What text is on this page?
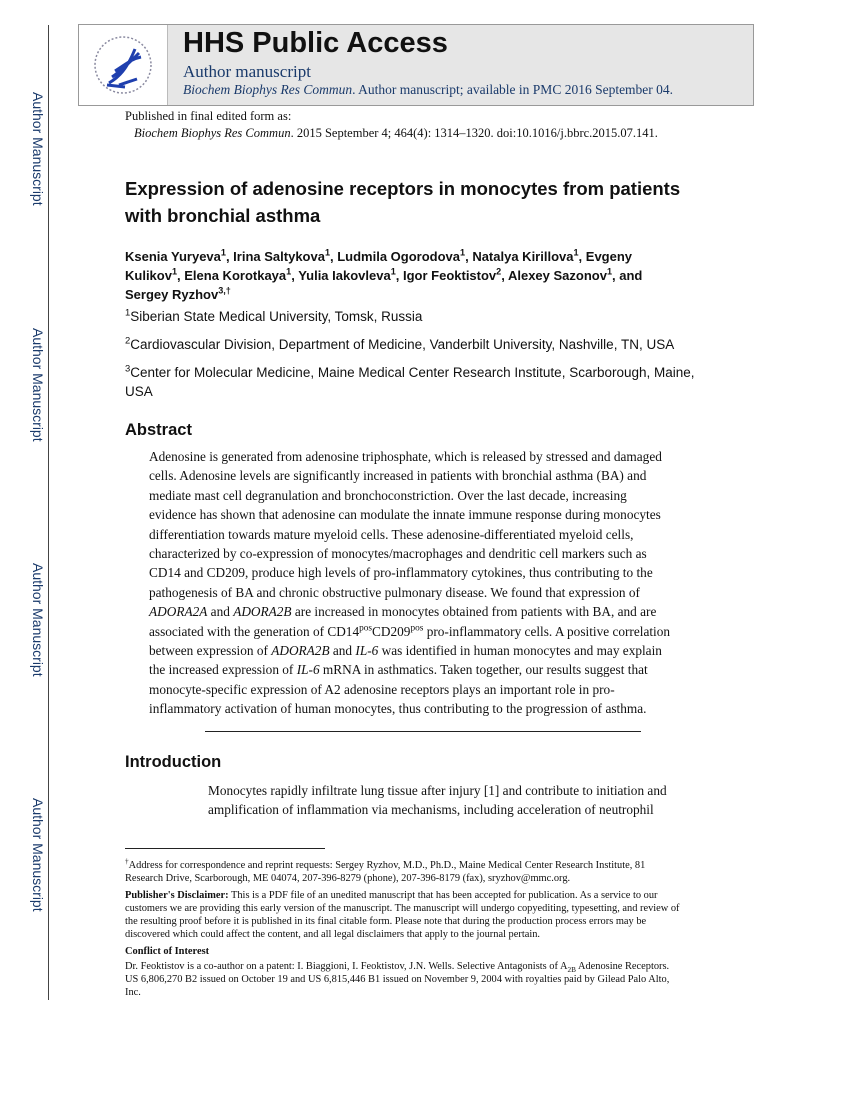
Author Manuscript
Author Manuscript
Author Manuscript
Author Manuscript
HHS Public Access
Author manuscript
Biochem Biophys Res Commun. Author manuscript; available in PMC 2016 September 04.
Published in final edited form as:
Biochem Biophys Res Commun. 2015 September 4; 464(4): 1314–1320. doi:10.1016/j.bbrc.2015.07.141.
Expression of adenosine receptors in monocytes from patients
with bronchial asthma
Ksenia Yuryeva$^1$, Irina Saltykova$^1$, Ludmila Ogorodova$^1$, Natalya Kirillova$^1$, Evgeny
Kulikov$^1$, Elena Korotkaya$^1$, Yulia Iakovleva$^1$, Igor Feoktistov$^2$, Alexey Sazonov$^1$, and
Sergey Ryzhov$^{3,\dagger}$
$^1$Siberian State Medical University, Tomsk, Russia
$^2$Cardiovascular Division, Department of Medicine, Vanderbilt University, Nashville, TN, USA
$^3$Center for Molecular Medicine, Maine Medical Center Research Institute, Scarborough, Maine,
USA
Abstract
Adenosine is generated from adenosine triphosphate, which is released by stressed and damaged
cells. Adenosine levels are significantly increased in patients with bronchial asthma (BA) and
mediate mast cell degranulation and bronchoconstriction. Over the last decade, increasing
evidence has shown that adenosine can modulate the innate immune response during monocytes
differentiation towards mature myeloid cells. These adenosine-differentiated myeloid cells,
characterized by co-expression of monocytes/macrophages and dendritic cell markers such as
CD14 and CD209, produce high levels of pro-inflammatory cytokines, thus contributing to the
pathogenesis of BA and chronic obstructive pulmonary disease. We found that expression of
ADORA2A and ADORA2B are increased in monocytes obtained from patients with BA, and are
associated with the generation of $CD14^{pos}CD209^{pos}$ pro-inflammatory cells. A positive correlation
between expression of ADORA2B and IL-6 was identified in human monocytes and may explain
the increased expression of IL-6 mRNA in asthmatics. Taken together, our results suggest that
monocyte-specific expression of A2 adenosine receptors plays an important role in pro-
inflammatory activation of human monocytes, thus contributing to the progression of asthma.
Introduction
Monocytes rapidly infiltrate lung tissue after injury [1] and contribute to initiation and
amplification of inflammation via mechanisms, including acceleration of neutrophil
†Address for correspondence and reprint requests: Sergey Ryzhov, M.D., Ph.D., Maine Medical Center Research Institute, 81
Research Drive, Scarborough, ME 04074, 207-396-8279 (phone), 207-396-8179 (fax), sryzhov@mmc.org.
Publisher's Disclaimer: This is a PDF file of an unedited manuscript that has been accepted for publication. As a service to our
customers we are providing this early version of the manuscript. The manuscript will undergo copyediting, typesetting, and review of
the resulting proof before it is published in its final citable form. Please note that during the production process errors may be
discovered which could affect the content, and all legal disclaimers that apply to the journal pertain.
Conflict of Interest
Dr. Feoktistov is a co-author on a patent: I. Biaggioni, I. Feoktistov, J.N. Wells. Selective Antagonists of $A_{2B}$ Adenosine Receptors.
US 6,806,270 B2 issued on October 19 and US 6,815,446 B1 issued on November 9, 2004 with royalties paid by Gilead Palo Alto,
Inc.
